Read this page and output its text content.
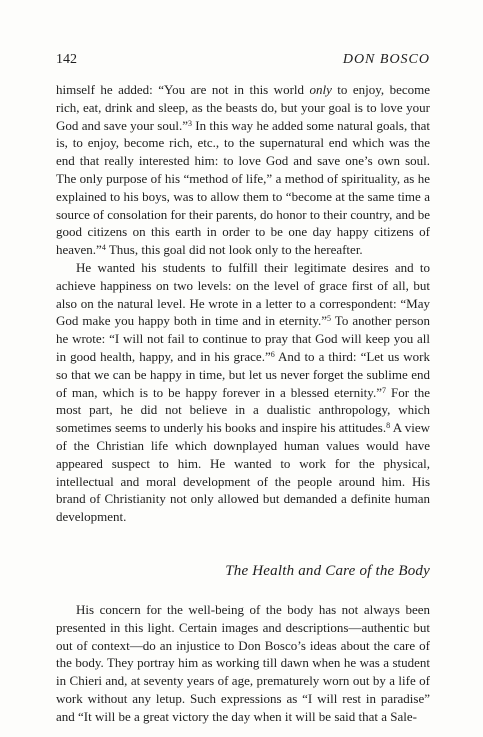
142	DON BOSCO

himself he added: “You are not in this world only to enjoy, become rich, eat, drink and sleep, as the beasts do, but your goal is to love your God and save your soul.”$^3$ In this way he added some natural goals, that is, to enjoy, become rich, etc., to the supernatural end which was the end that really interested him: to love God and save one’s own soul. The only purpose of his “method of life,” a method of spirituality, as he explained to his boys, was to allow them to “become at the same time a source of consolation for their parents, do honor to their country, and be good citizens on this earth in order to be one day happy citizens of heaven.”$^4$ Thus, this goal did not look only to the hereafter.

He wanted his students to fulfill their legitimate desires and to achieve happiness on two levels: on the level of grace first of all, but also on the natural level. He wrote in a letter to a correspondent: “May God make you happy both in time and in eternity.”$^5$ To another person he wrote: “I will not fail to continue to pray that God will keep you all in good health, happy, and in his grace.”$^6$ And to a third: “Let us work so that we can be happy in time, but let us never forget the sublime end of man, which is to be happy forever in a blessed eternity.”$^7$ For the most part, he did not believe in a dualistic anthropology, which sometimes seems to underly his books and inspire his attitudes.$^8$ A view of the Christian life which downplayed human values would have appeared suspect to him. He wanted to work for the physical, intellectual and moral development of the people around him. His brand of Christianity not only allowed but demanded a definite human development.

The Health and Care of the Body

His concern for the well-being of the body has not always been presented in this light. Certain images and descriptions—authentic but out of context—do an injustice to Don Bosco’s ideas about the care of the body. They portray him as working till dawn when he was a student in Chieri and, at seventy years of age, prematurely worn out by a life of work without any letup. Such expressions as “I will rest in paradise” and “It will be a great victory the day when it will be said that a Sale-
